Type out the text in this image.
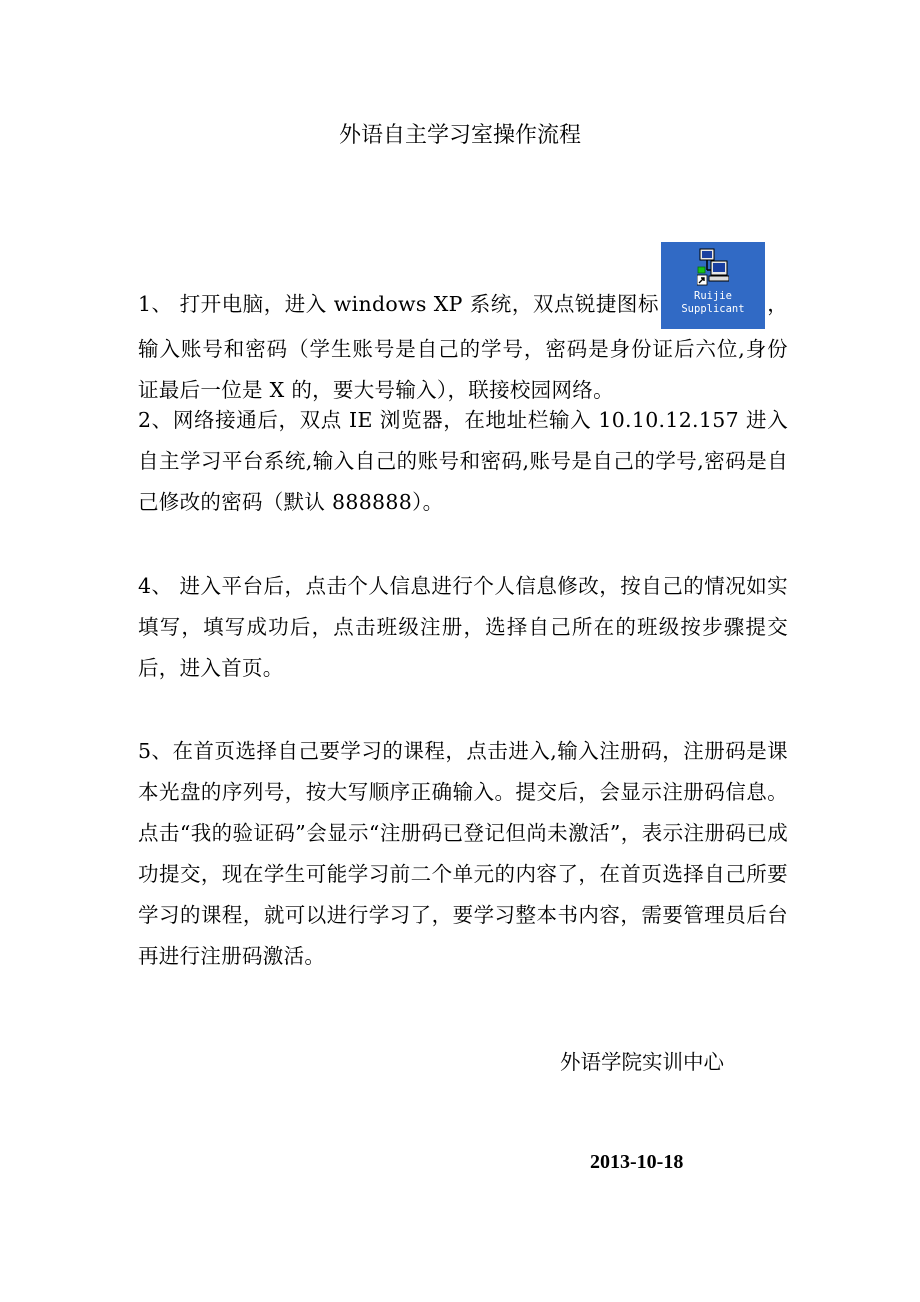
外语自主学习室操作流程
1、 打开电脑，进入 windows XP 系统，双点锐捷图标	Ruijie
Supplicant	，输入账号和密码（学生账号是自己的学号，密码是身份证后六位,身份证最后一位是 X 的，要大号输入），联接校园网络。
2、网络接通后，双点 IE 浏览器，在地址栏输入 10.10.12.157 进入自主学习平台系统,输入自己的账号和密码,账号是自己的学号,密码是自己修改的密码（默认 888888）。
4、 进入平台后，点击个人信息进行个人信息修改，按自己的情况如实填写，填写成功后，点击班级注册，选择自己所在的班级按步骤提交后，进入首页。
5、在首页选择自己要学习的课程，点击进入,输入注册码，注册码是课本光盘的序列号，按大写顺序正确输入。提交后，会显示注册码信息。点击“我的验证码”会显示“注册码已登记但尚未激活”，表示注册码已成功提交，现在学生可能学习前二个单元的内容了，在首页选择自己所要学习的课程，就可以进行学习了，要学习整本书内容，需要管理员后台再进行注册码激活。
外语学院实训中心
2013-10-18
